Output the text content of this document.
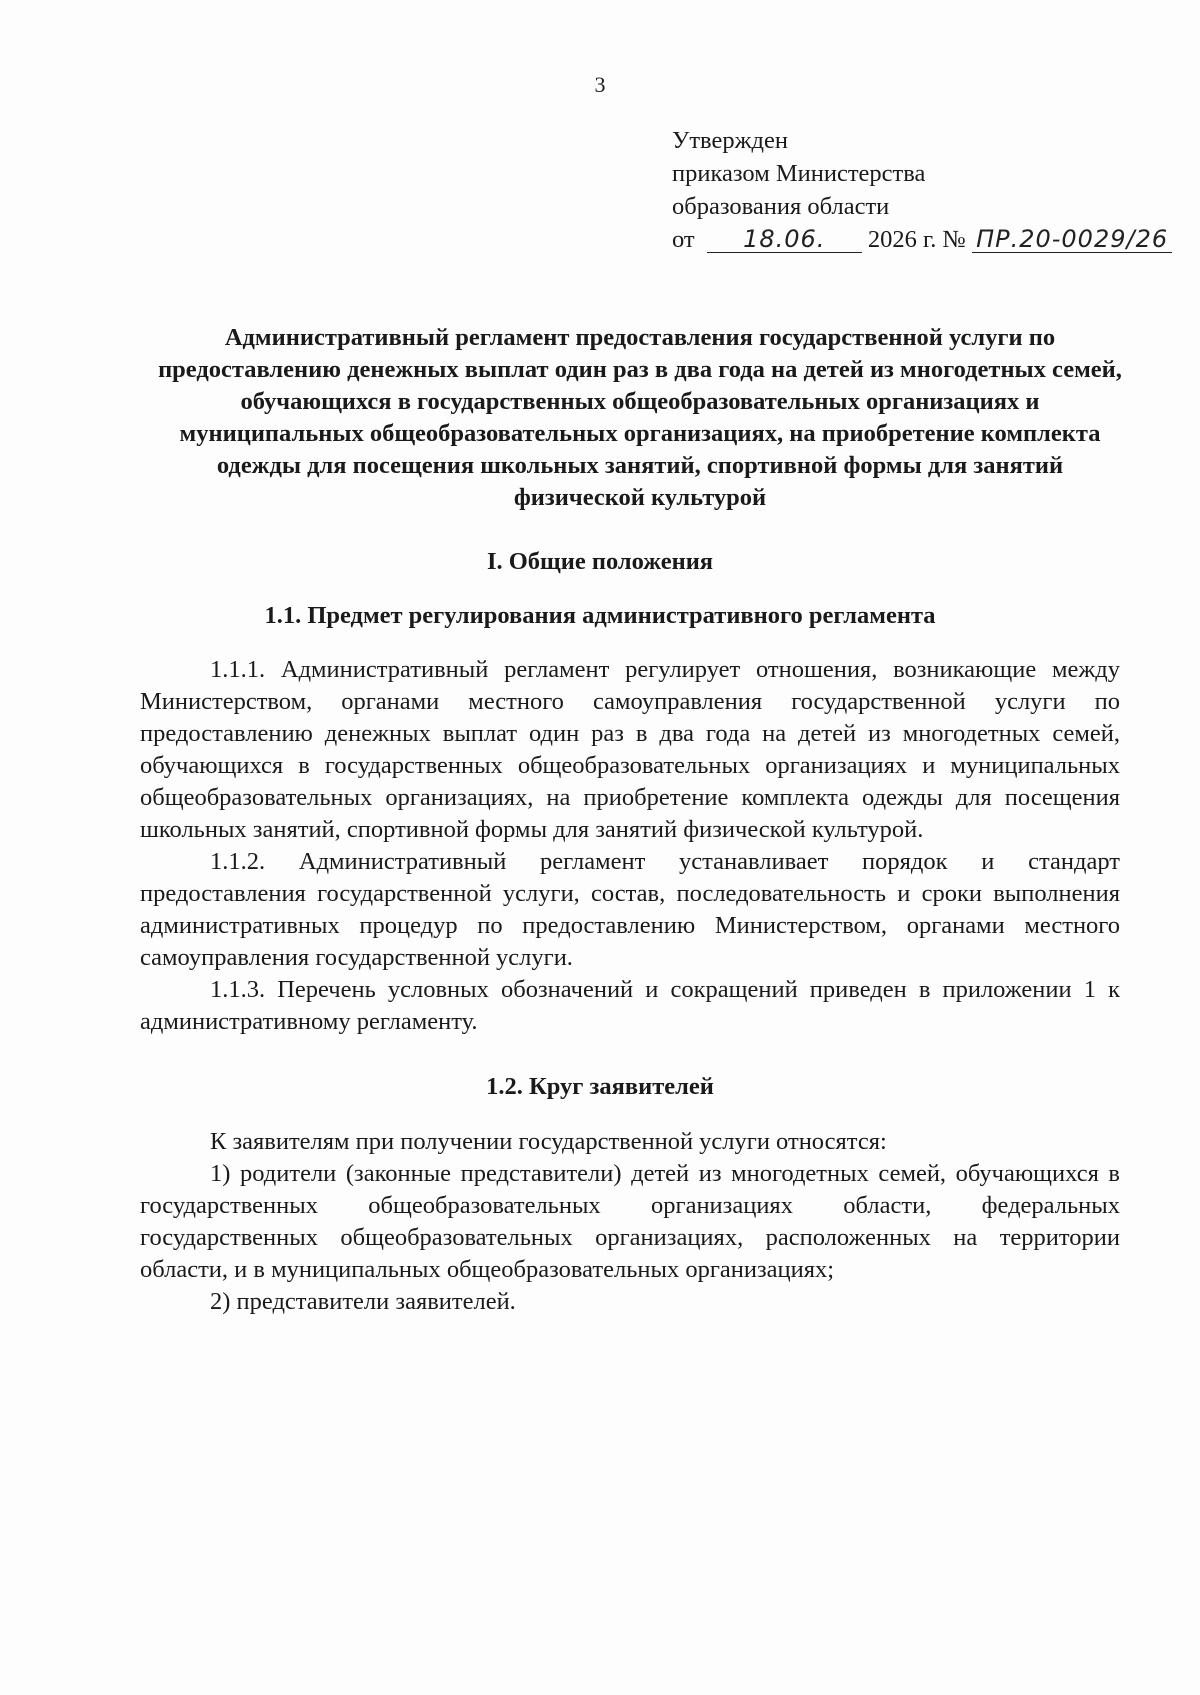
3
Утвержден
приказом Министерства
образования области
от 18.06. 2026 г. № ПР.20-0029/26
Административный регламент предоставления государственной услуги по предоставлению денежных выплат один раз в два года на детей из многодетных семей, обучающихся в государственных общеобразовательных организациях и муниципальных общеобразовательных организациях, на приобретение комплекта одежды для посещения школьных занятий, спортивной формы для занятий физической культурой
I. Общие положения
1.1. Предмет регулирования административного регламента

1.1.1. Административный регламент регулирует отношения, возникающие между Министерством, органами местного самоуправления государственной услуги по предоставлению денежных выплат один раз в два года на детей из многодетных семей, обучающихся в государственных общеобразовательных организациях и муниципальных общеобразовательных организациях, на приобретение комплекта одежды для посещения школьных занятий, спортивной формы для занятий физической культурой.

1.1.2. Административный регламент устанавливает порядок и стандарт предоставления государственной услуги, состав, последовательность и сроки выполнения административных процедур по предоставлению Министерством, органами местного самоуправления государственной услуги.

1.1.3. Перечень условных обозначений и сокращений приведен в приложении 1 к административному регламенту.

1.2. Круг заявителей

К заявителям при получении государственной услуги относятся:

1) родители (законные представители) детей из многодетных семей, обучающихся в государственных общеобразовательных организациях области, федеральных государственных общеобразовательных организациях, расположенных на территории области, и в муниципальных общеобразовательных организациях;

2) представители заявителей.
